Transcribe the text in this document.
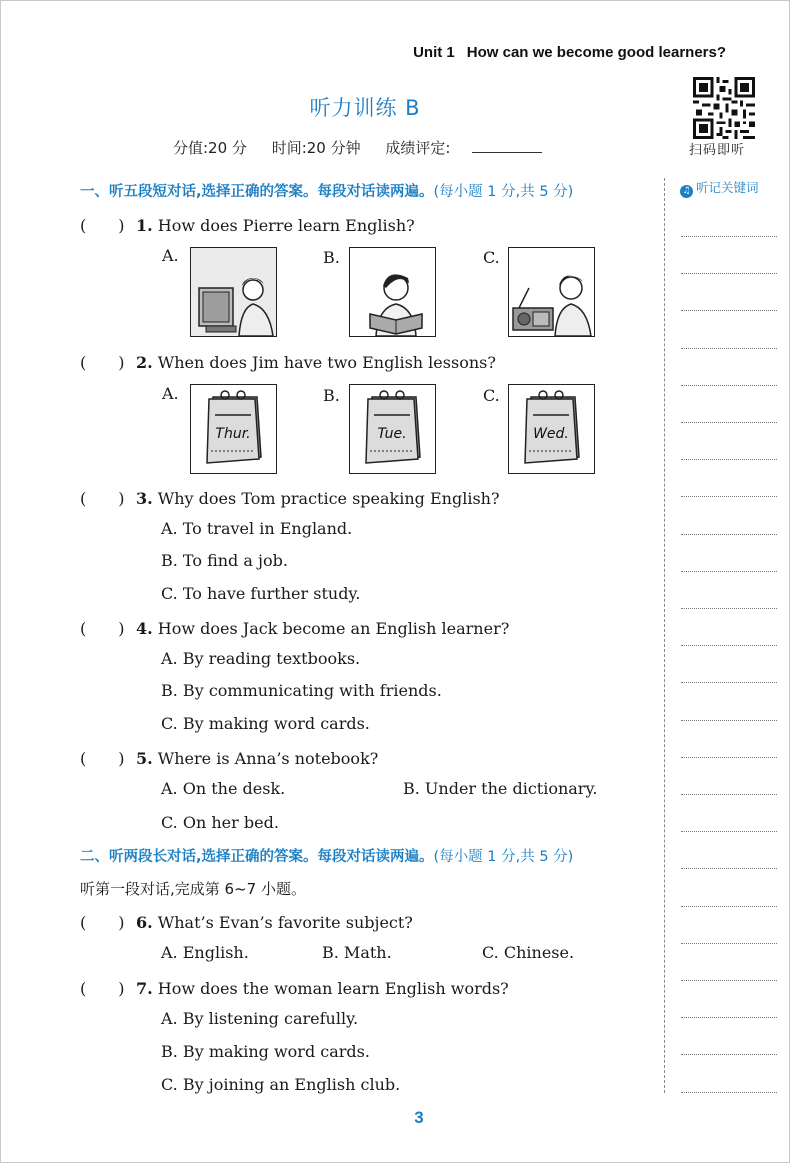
Unit 1 How can we become good learners?
听力训练 B
分值:20 分 时间:20 分钟 成绩评定:	扫码即听
一、听五段短对话,选择正确的答案。每段对话读两遍。(每小题 1 分,共 5 分)	♫ 听记关键词
(　　) 1. How does Pierre learn English?
A.	B.	C.
(　　) 2. When does Jim have two English lessons?
A.	B.	C.
Thur.	Tue.	Wed.
(　　) 3. Why does Tom practice speaking English?
A. To travel in England.
B. To find a job.
C. To have further study.
(　　) 4. How does Jack become an English learner?
A. By reading textbooks.
B. By communicating with friends.
C. By making word cards.
(　　) 5. Where is Anna’s notebook?
A. On the desk.	B. Under the dictionary.
C. On her bed.
二、听两段长对话,选择正确的答案。每段对话读两遍。(每小题 1 分,共 5 分)
听第一段对话,完成第 6~7 小题。
(　　) 6. What’s Evan’s favorite subject?
A. English.	B. Math.	C. Chinese.
(　　) 7. How does the woman learn English words?
A. By listening carefully.
B. By making word cards.
C. By joining an English club.
3
